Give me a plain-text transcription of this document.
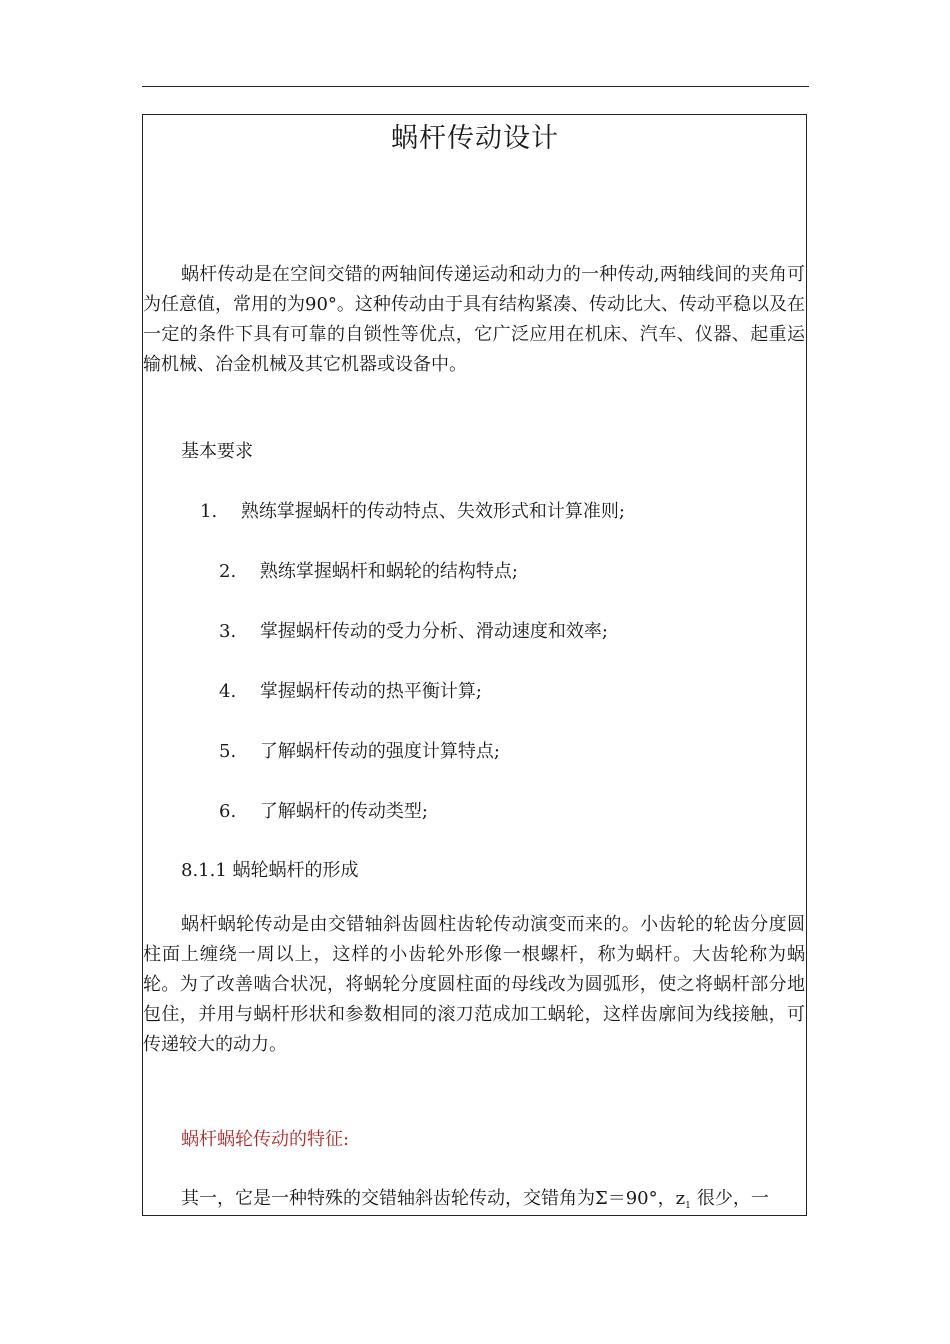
蜗杆传动设计

蜗杆传动是在空间交错的两轴间传递运动和动力的一种传动,两轴线间的夹角可为任意值，常用的为90°。这种传动由于具有结构紧凑、传动比大、传动平稳以及在一定的条件下具有可靠的自锁性等优点，它广泛应用在机床、汽车、仪器、起重运输机械、冶金机械及其它机器或设备中。

基本要求
1. 熟练掌握蜗杆的传动特点、失效形式和计算准则;
2. 熟练掌握蜗杆和蜗轮的结构特点;
3. 掌握蜗杆传动的受力分析、滑动速度和效率;
4. 掌握蜗杆传动的热平衡计算;
5. 了解蜗杆传动的强度计算特点;
6. 了解蜗杆的传动类型;
8.1.1 蜗轮蜗杆的形成

蜗杆蜗轮传动是由交错轴斜齿圆柱齿轮传动演变而来的。小齿轮的轮齿分度圆柱面上缠绕一周以上，这样的小齿轮外形像一根螺杆，称为蜗杆。大齿轮称为蜗轮。为了改善啮合状况，将蜗轮分度圆柱面的母线改为圆弧形，使之将蜗杆部分地包住，并用与蜗杆形状和参数相同的滚刀范成加工蜗轮，这样齿廓间为线接触，可传递较大的动力。

蜗杆蜗轮传动的特征:
其一，它是一种特殊的交错轴斜齿轮传动，交错角为Σ＝90°，$z_1$ 很少，一
